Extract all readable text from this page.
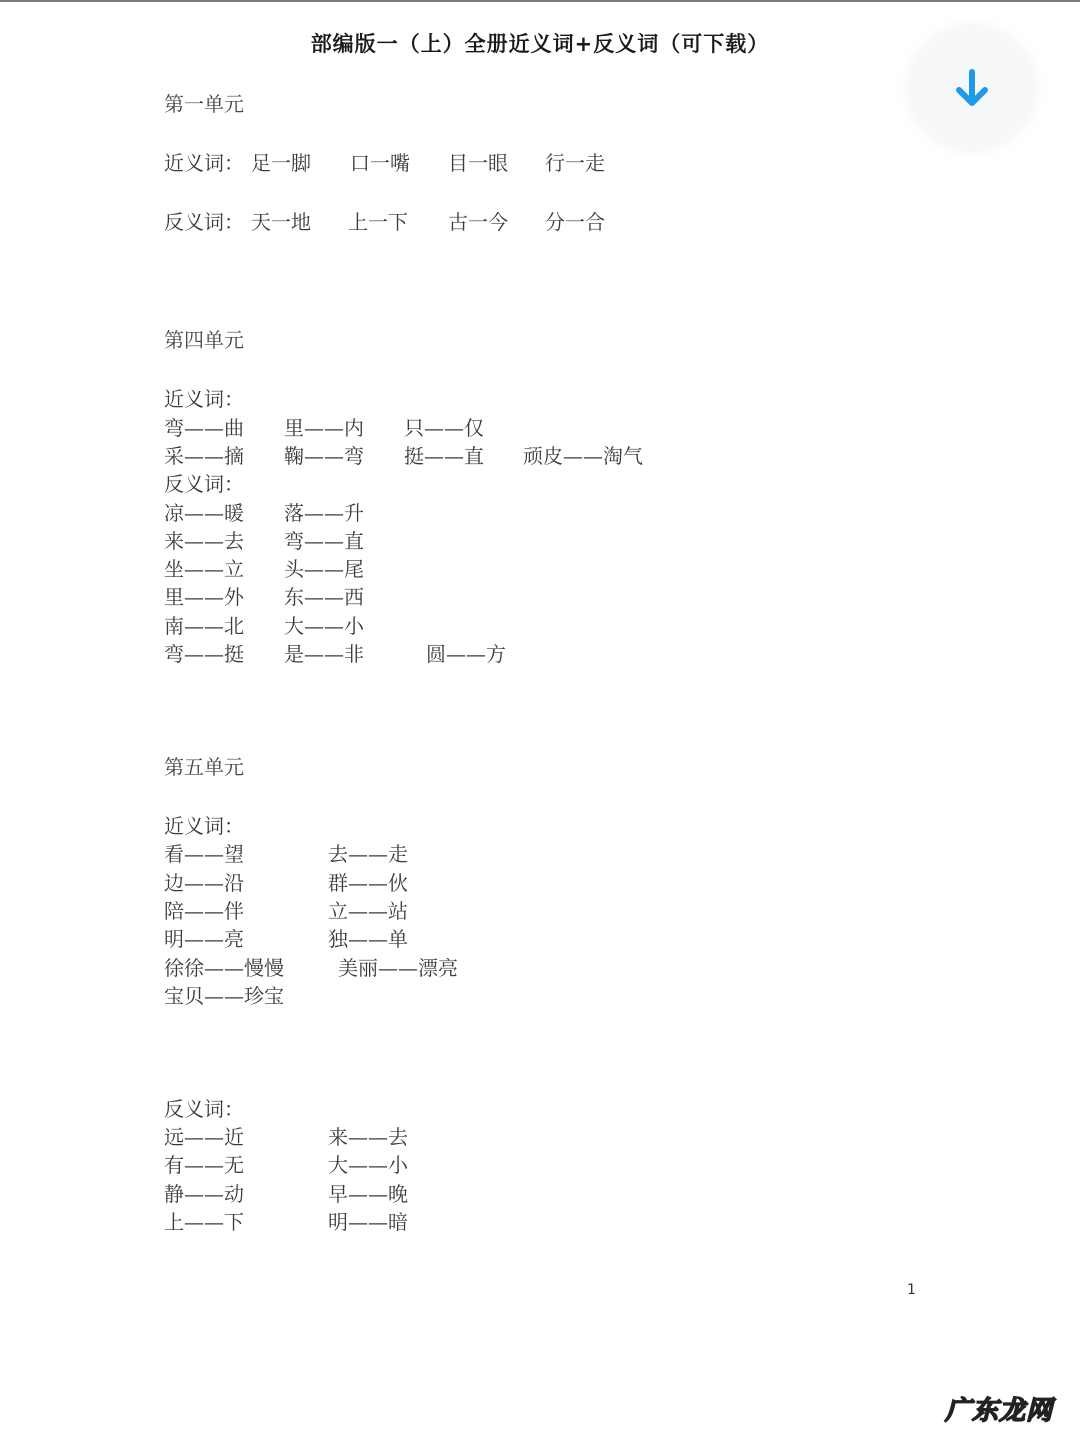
部编版一（上）全册近义词+反义词（可下载）
第一单元
近义词： 足一脚 口一嘴 目一眼 行一走
反义词： 天一地 上一下 古一今 分一合
第四单元
近义词：
弯——曲 里——内 只——仅
采——摘 鞠——弯 挺——直 顽皮——淘气
反义词：
凉——暖 落——升
来——去 弯——直
坐——立 头——尾
里——外 东——西
南——北 大——小
弯——挺 是——非	圆——方
第五单元
近义词：
看——望	去——走
边——沿	群——伙
陪——伴	立——站
明——亮	独——单
徐徐——慢慢	美丽——漂亮
宝贝——珍宝
反义词：
远——近	来——去
有——无	大——小
静——动	早——晚
上——下	明——暗
1
广东龙网
